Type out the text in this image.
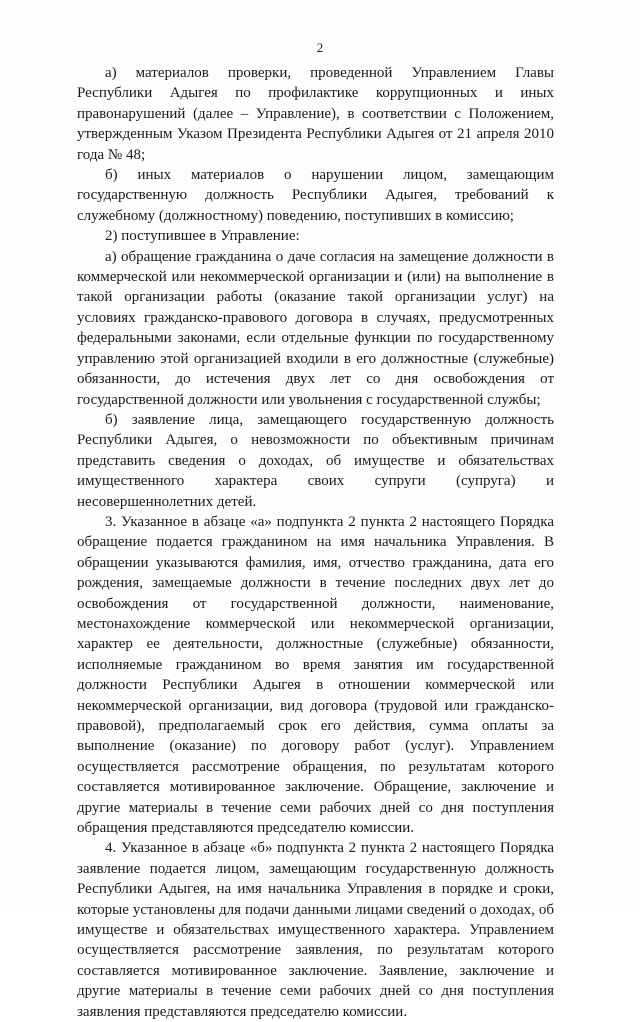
2

а) материалов проверки, проведенной Управлением Главы Республики Адыгея по профилактике коррупционных и иных правонарушений (далее – Управление), в соответствии с Положением, утвержденным Указом Президента Республики Адыгея от 21 апреля 2010 года № 48;

б) иных материалов о нарушении лицом, замещающим государственную должность Республики Адыгея, требований к служебному (должностному) поведению, поступивших в комиссию;

2) поступившее в Управление:

а) обращение гражданина о даче согласия на замещение должности в коммерческой или некоммерческой организации и (или) на выполнение в такой организации работы (оказание такой организации услуг) на условиях гражданско-правового договора в случаях, предусмотренных федеральными законами, если отдельные функции по государственному управлению этой организацией входили в его должностные (служебные) обязанности, до истечения двух лет со дня освобождения от государственной должности или увольнения с государственной службы;

б) заявление лица, замещающего государственную должность Республики Адыгея, о невозможности по объективным причинам представить сведения о доходах, об имуществе и обязательствах имущественного характера своих супруги (супруга) и несовершеннолетних детей.

3. Указанное в абзаце «а» подпункта 2 пункта 2 настоящего Порядка обращение подается гражданином на имя начальника Управления. В обращении указываются фамилия, имя, отчество гражданина, дата его рождения, замещаемые должности в течение последних двух лет до освобождения от государственной должности, наименование, местонахождение коммерческой или некоммерческой организации, характер ее деятельности, должностные (служебные) обязанности, исполняемые гражданином во время занятия им государственной должности Республики Адыгея в отношении коммерческой или некоммерческой организации, вид договора (трудовой или гражданско-правовой), предполагаемый срок его действия, сумма оплаты за выполнение (оказание) по договору работ (услуг). Управлением осуществляется рассмотрение обращения, по результатам которого составляется мотивированное заключение. Обращение, заключение и другие материалы в течение семи рабочих дней со дня поступления обращения представляются председателю комиссии.

4. Указанное в абзаце «б» подпункта 2 пункта 2 настоящего Порядка заявление подается лицом, замещающим государственную должность Республики Адыгея, на имя начальника Управления в порядке и сроки, которые установлены для подачи данными лицами сведений о доходах, об имуществе и обязательствах имущественного характера. Управлением осуществляется рассмотрение заявления, по результатам которого составляется мотивированное заключение. Заявление, заключение и другие материалы в течение семи рабочих дней со дня поступления заявления представляются председателю комиссии.
